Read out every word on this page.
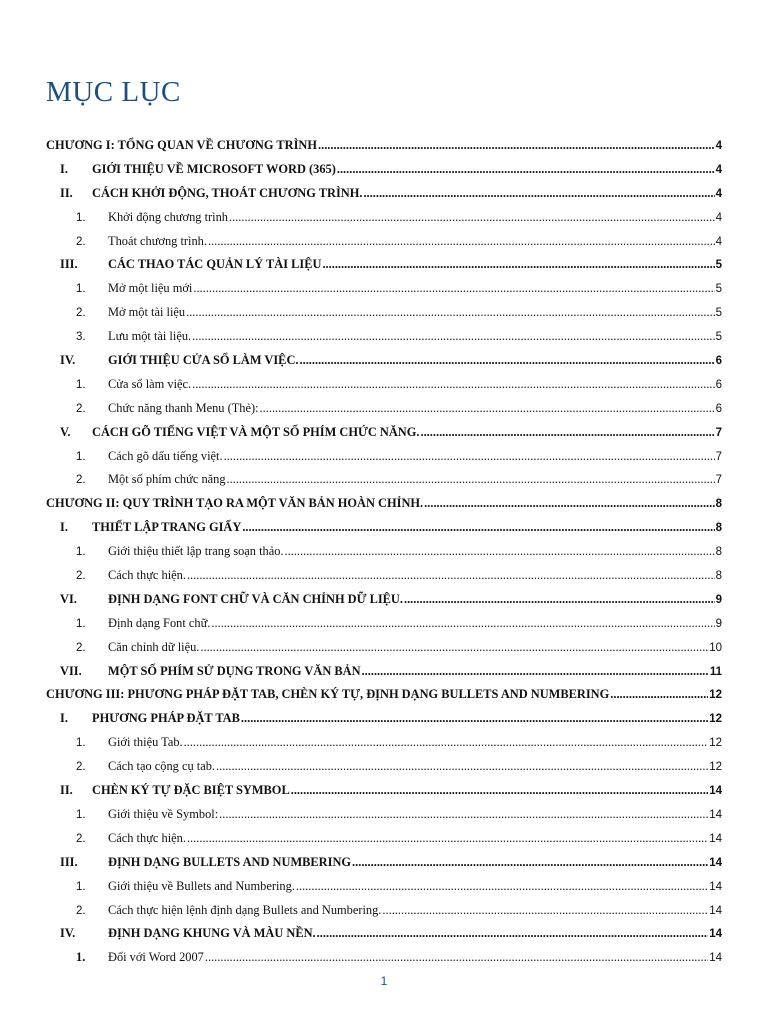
MỤC LỤC
CHƯƠNG I: TỔNG QUAN VỀ CHƯƠNG TRÌNH .....	4
I.	GIỚI THIỆU VỀ MICROSOFT WORD (365) .....	4
II.	CÁCH KHỞI ĐỘNG, THOÁT CHƯƠNG TRÌNH. .....	4
1.	Khởi động chương trình .....	4
2.	Thoát chương trình. .....	4
III.	CÁC THAO TÁC QUẢN LÝ TÀI LIỆU .....	5
1.	Mở một liệu mới .....	5
2.	Mở một tài liệu .....	5
3.	Lưu một tài liệu. .....	5
IV.	GIỚI THIỆU CỬA SỔ LÀM VIỆC. .....	6
1.	Cửa sổ làm việc. .....	6
2.	Chức năng thanh Menu (Thẻ): .....	6
V.	CÁCH GÕ TIẾNG VIỆT VÀ MỘT SỐ PHÍM CHỨC NĂNG. .....	7
1.	Cách gõ dấu tiếng việt. .....	7
2.	Một số phím chức năng .....	7
CHƯƠNG II: QUY TRÌNH TẠO RA MỘT VĂN BẢN HOÀN CHỈNH. .....	8
I.	THIẾT LẬP TRANG GIẤY .....	8
1.	Giới thiệu thiết lập trang soạn thảo. .....	8
2.	Cách thực hiện. .....	8
VI.	ĐỊNH DẠNG FONT CHỮ VÀ CĂN CHỈNH DỮ LIỆU. .....	9
1.	Định dạng Font chữ. .....	9
2.	Căn chỉnh dữ liệu. .....	10
VII.	MỘT SỐ PHÍM SỬ DỤNG TRONG VĂN BẢN .....	11
CHƯƠNG III: PHƯƠNG PHÁP ĐẶT TAB, CHÈN KÝ TỰ, ĐỊNH DẠNG BULLETS AND NUMBERING .....	12
I.	PHƯƠNG PHÁP ĐẶT TAB .....	12
1.	Giới thiệu Tab. .....	12
2.	Cách tạo cộng cụ tab. .....	12
II.	CHÈN KÝ TỰ ĐẶC BIỆT SYMBOL .....	14
1.	Giới thiệu về Symbol: .....	14
2.	Cách thực hiện. .....	14
III.	ĐỊNH DẠNG BULLETS AND NUMBERING .....	14
1.	Giới thiệu về Bullets and Numbering. .....	14
2.	Cách thực hiện lệnh định dạng Bullets and Numbering. .....	14
IV.	ĐỊNH DẠNG KHUNG VÀ MÀU NỀN. .....	14
1.	Đối với Word 2007 .....	14
1
